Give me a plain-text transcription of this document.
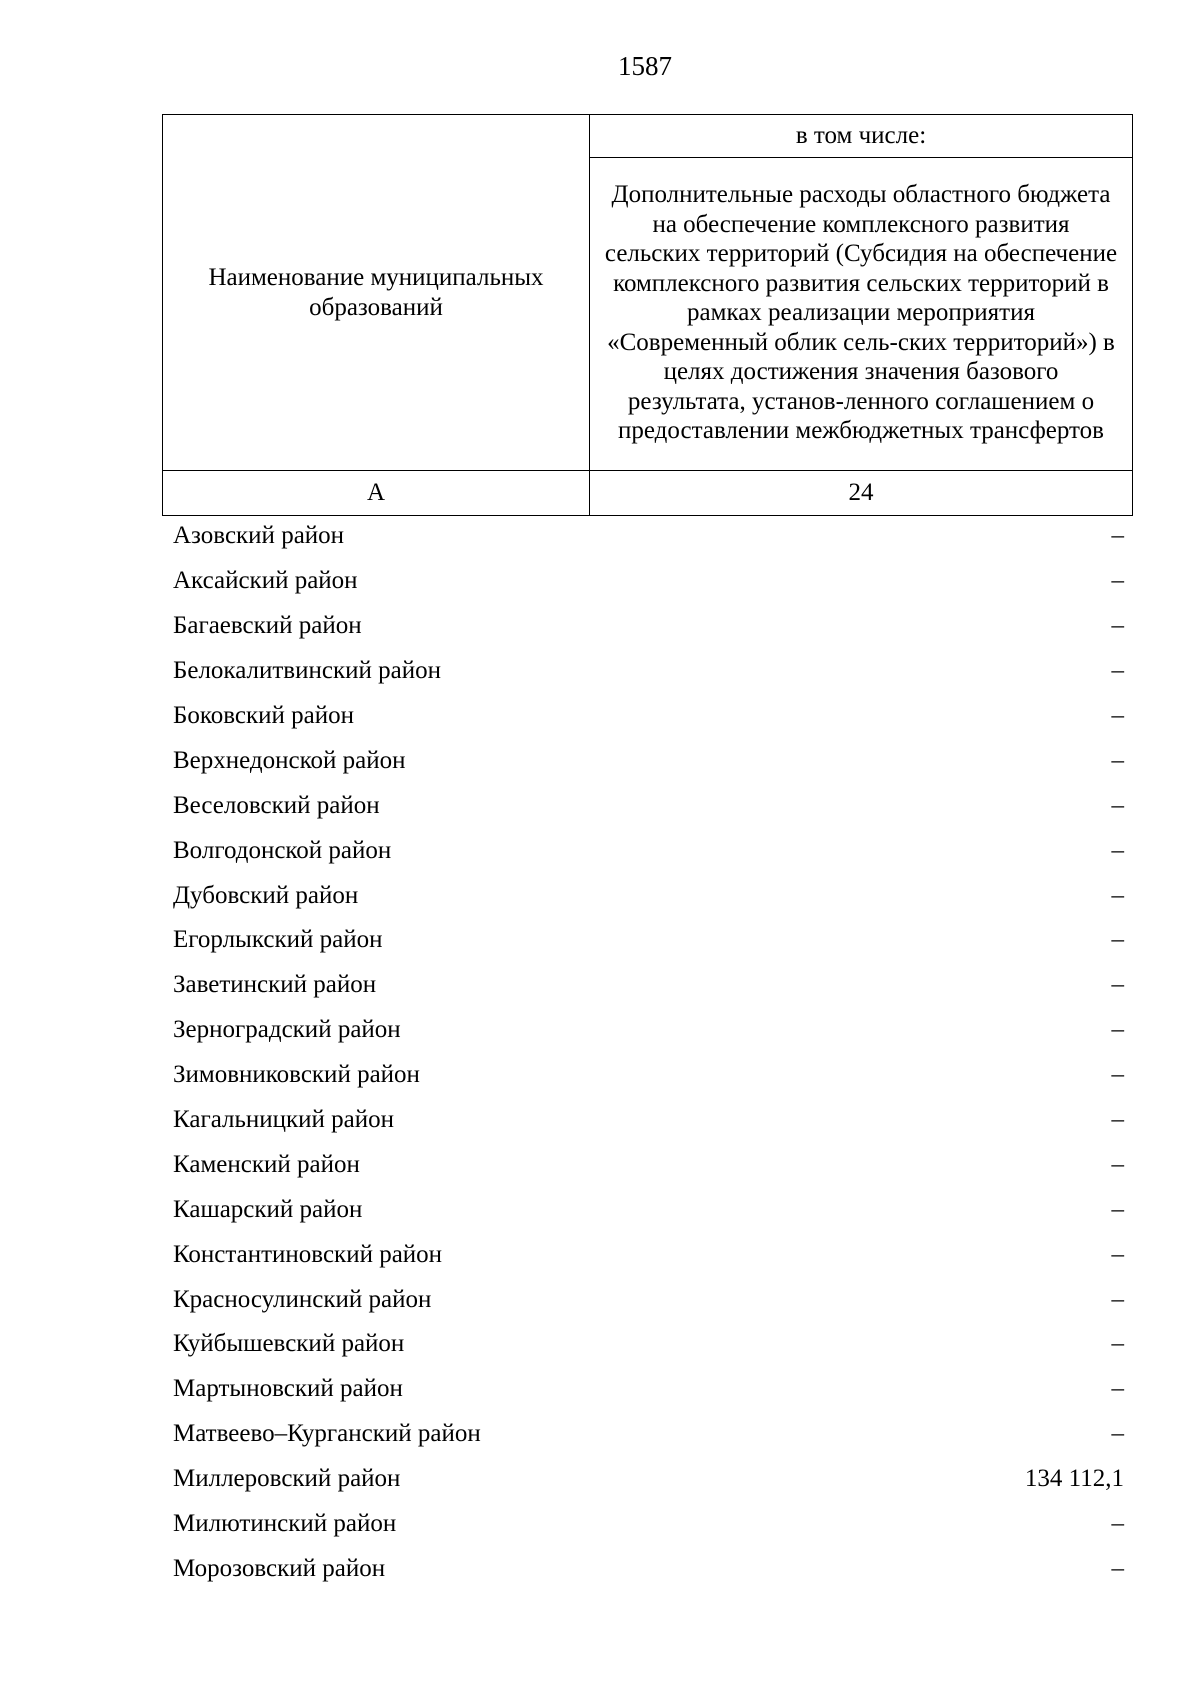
1587
Наименование муниципальных образований	в том числе:
	Дополнительные расходы областного бюджета на обеспечение комплексного развития сельских территорий (Субсидия на обеспечение комплексного развития сельских территорий в рамках реализации мероприятия «Современный облик сель-ских территорий») в целях достижения значения базового результата, установ-ленного соглашением о предоставлении межбюджетных трансфертов
А	24
Азовский район	–
Аксайский район	–
Багаевский район	–
Белокалитвинский район	–
Боковский район	–
Верхнедонской район	–
Веселовский район	–
Волгодонской район	–
Дубовский район	–
Егорлыкский район	–
Заветинский район	–
Зерноградский район	–
Зимовниковский район	–
Кагальницкий район	–
Каменский район	–
Кашарский район	–
Константиновский район	–
Красносулинский район	–
Куйбышевский район	–
Мартыновский район	–
Матвеево–Курганский район	–
Миллеровский район	134 112,1
Милютинский район	–
Морозовский район	–
